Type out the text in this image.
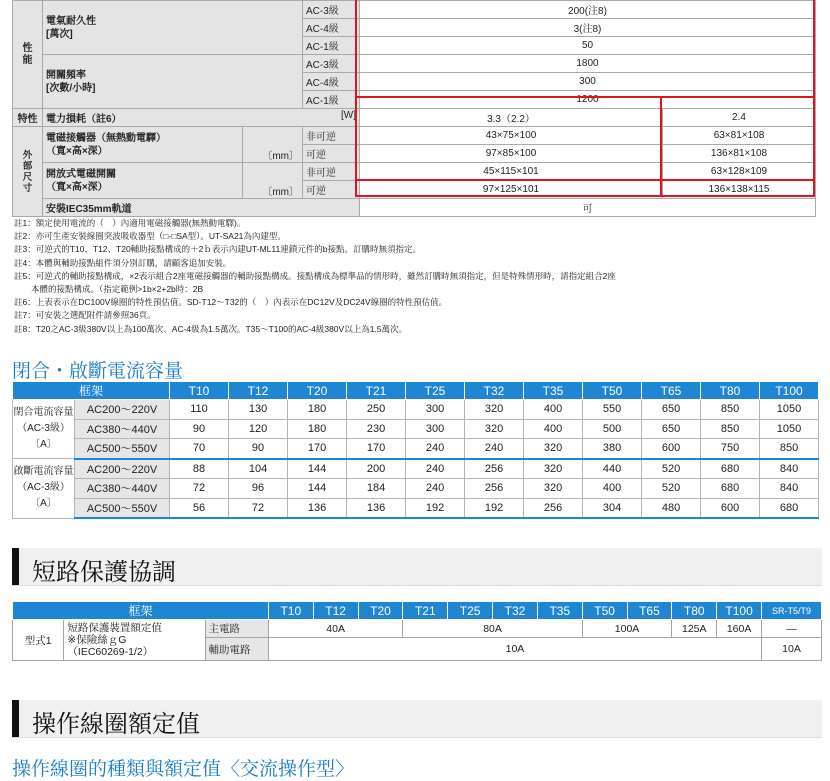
性
能	電氣耐久性
[萬次]		AC-3級	200(注8)	
			AC-4級	3(注8)	
			AC-1級	50	
	開關頻率
[次數/小時]		AC-3級	1800	
			AC-4級	300	
			AC-1級	1200	
特性	電力損耗（註6） [W]			3.3（2.2）	2.4
外
部
尺
寸	電磁接觸器（無熱動電驛）
（寬×高×深）	〔mm〕	非可逆	43×75×100	63×81×108
			可逆	97×85×100	136×81×108
	開放式電磁開關
（寬×高×深）	〔mm〕	非可逆	45×115×101	63×128×109
			可逆	97×125×101	136×138×115
	安裝IEC35mm軌道			可	
註1：額定使用電流的（　）內適用電磁接觸器(無熱動電驛)。
註2：亦可生產安裝線圈突波吸收器型（□-□SA型）。UT-SA21為內建型。
註3：可逆式的T10、T12、T20輔助接點構成的＋2ｂ表示內建UT-ML11連鎖元件的b接點。訂購時無須指定。
註4：本體與輔助接點組件須分別訂購，請顧客追加安裝。
註5：可逆式的輔助接點構成，×2表示組合2座電磁接觸器的輔助接點構成。接點構成為標準品的情形時，雖然訂購時無須指定，但是特殊情形時，請指定組合2座
　　本體的接點構成。（指定範例>1b×2+2b時：2B
註6：上表表示在DC100V線圈的特性預估值。SD-T12～T32的（　）內表示在DC12V及DC24V線圈的特性預估值。
註7：可安裝之選配附件請參照36頁。
註8：T20之AC-3級380V以上為100萬次、AC-4級為1.5萬次。T35～T100的AC-4級380V以上為1.5萬次。
閉合・啟斷電流容量
框架		T10	T12	T20	T21	T25	T32	T35	T50	T65	T80	T100
閉合電流容量
（AC-3級）
〔A〕	AC200～220V	110	130	180	250	300	320	400	550	650	850	1050
	AC380～440V	90	120	180	230	300	320	400	500	650	850	1050
	AC500～550V	70	90	170	170	240	240	320	380	600	750	850
啟斷電流容量
（AC-3級）
〔A〕	AC200～220V	88	104	144	200	240	256	320	440	520	680	840
	AC380～440V	72	96	144	184	240	256	320	400	520	680	840
	AC500～550V	56	72	136	136	192	192	256	304	480	600	680
短路保護協調
框架			T10	T12	T20	T21	T25	T32	T35	T50	T65	T80	T100	SR-T5/T9
型式1	短路保護裝置額定值
※保險絲ｇG
（IEC60269-1/2）	主電路	40A			80A				100A		125A	160A	―
		輔助電路	10A											10A
操作線圈額定值
操作線圈的種類與額定值〈交流操作型〉
